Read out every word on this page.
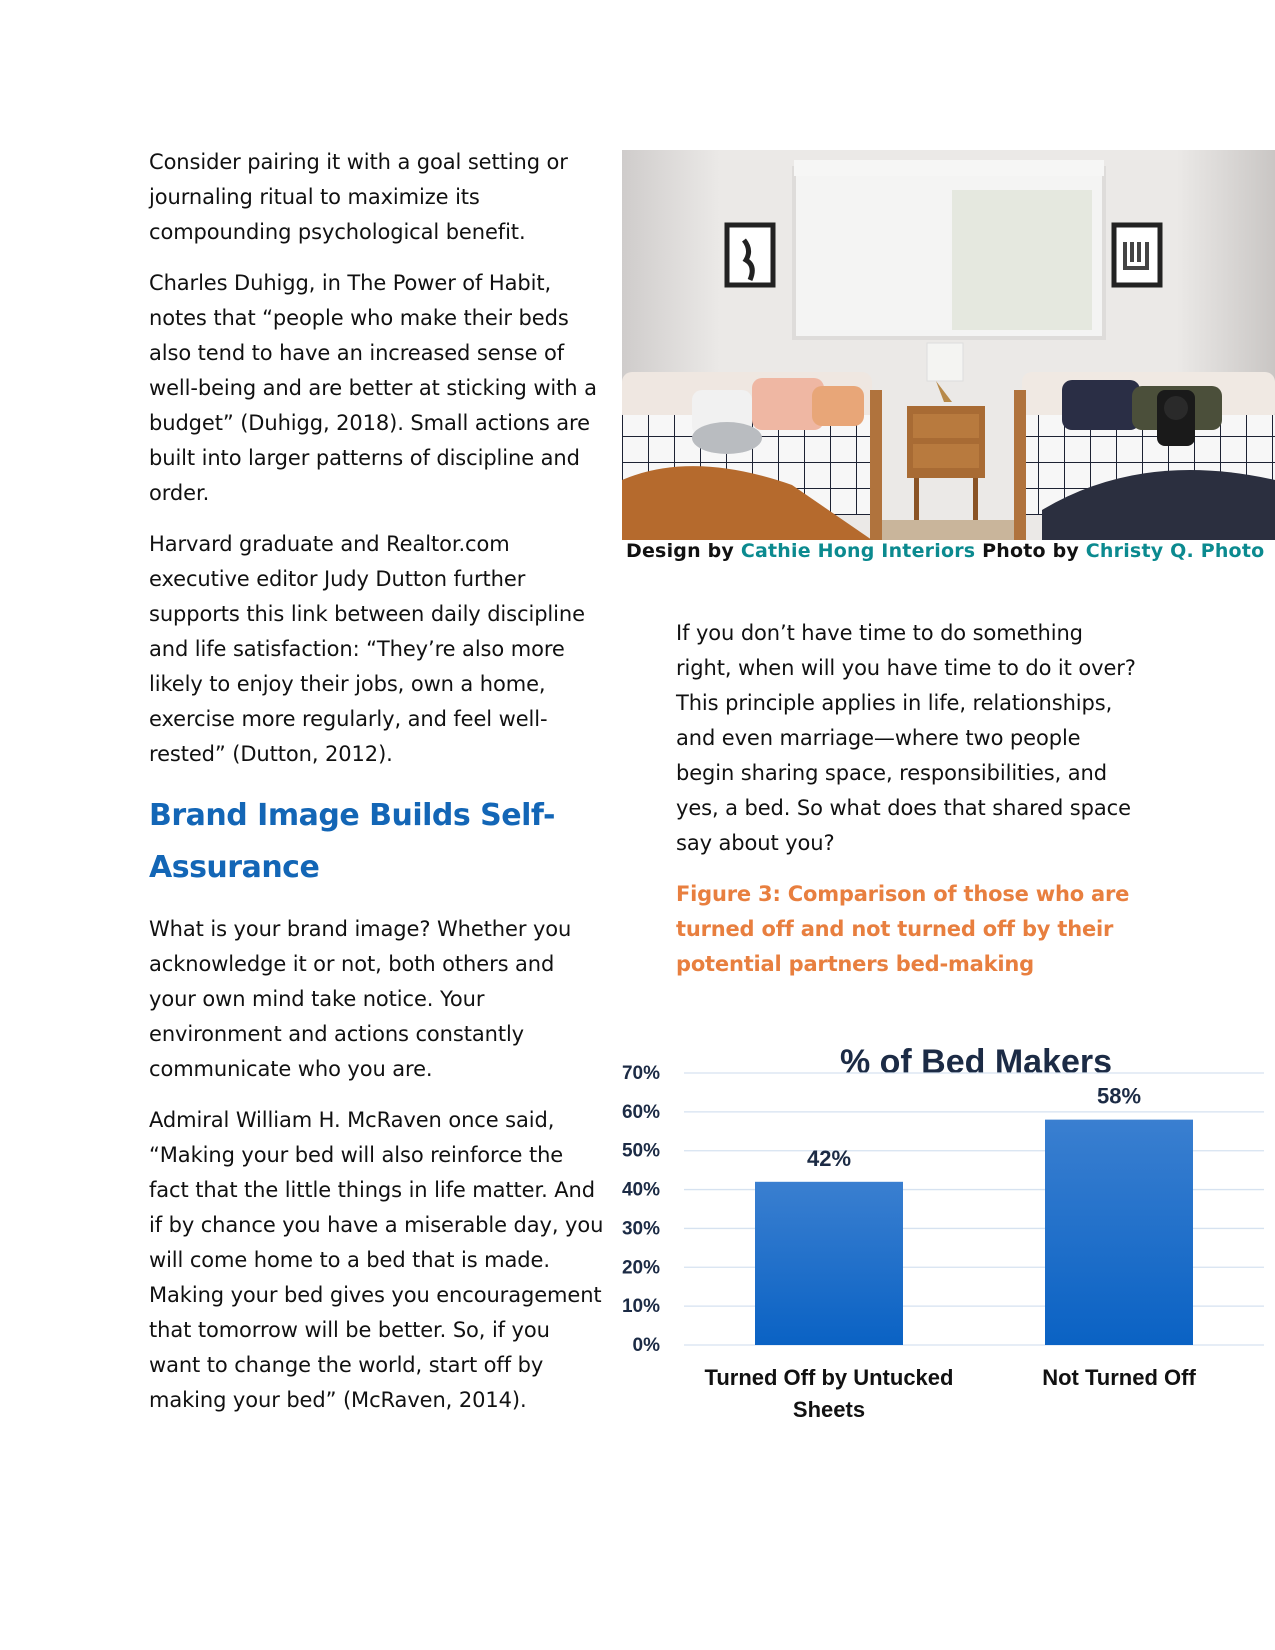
Consider pairing it with a goal setting or journaling ritual to maximize its compounding psychological benefit.

Charles Duhigg, in The Power of Habit, notes that “people who make their beds also tend to have an increased sense of well-being and are better at sticking with a budget” (Duhigg, 2018). Small actions are built into larger patterns of discipline and order.

Harvard graduate and Realtor.com executive editor Judy Dutton further supports this link between daily discipline and life satisfaction: “They’re also more likely to enjoy their jobs, own a home, exercise more regularly, and feel well-rested” (Dutton, 2012).

Brand Image Builds Self-Assurance

What is your brand image? Whether you acknowledge it or not, both others and your own mind take notice. Your environment and actions constantly communicate who you are.

Admiral William H. McRaven once said, “Making your bed will also reinforce the fact that the little things in life matter. And if by chance you have a miserable day, you will come home to a bed that is made. Making your bed gives you encouragement that tomorrow will be better. So, if you want to change the world, start off by making your bed” (McRaven, 2014).

Design by Cathie Hong Interiors Photo by Christy Q. Photo

If you don’t have time to do something right, when will you have time to do it over? This principle applies in life, relationships, and even marriage—where two people begin sharing space, responsibilities, and yes, a bed. So what does that shared space say about you?

Figure 3: Comparison of those who are turned off and not turned off by their potential partners bed-making

% of Bed Makers
0%
10%
20%
30%
40%
50%
60%
70%
42%
58%
Turned Off by Untucked
Sheets
Not Turned Off
